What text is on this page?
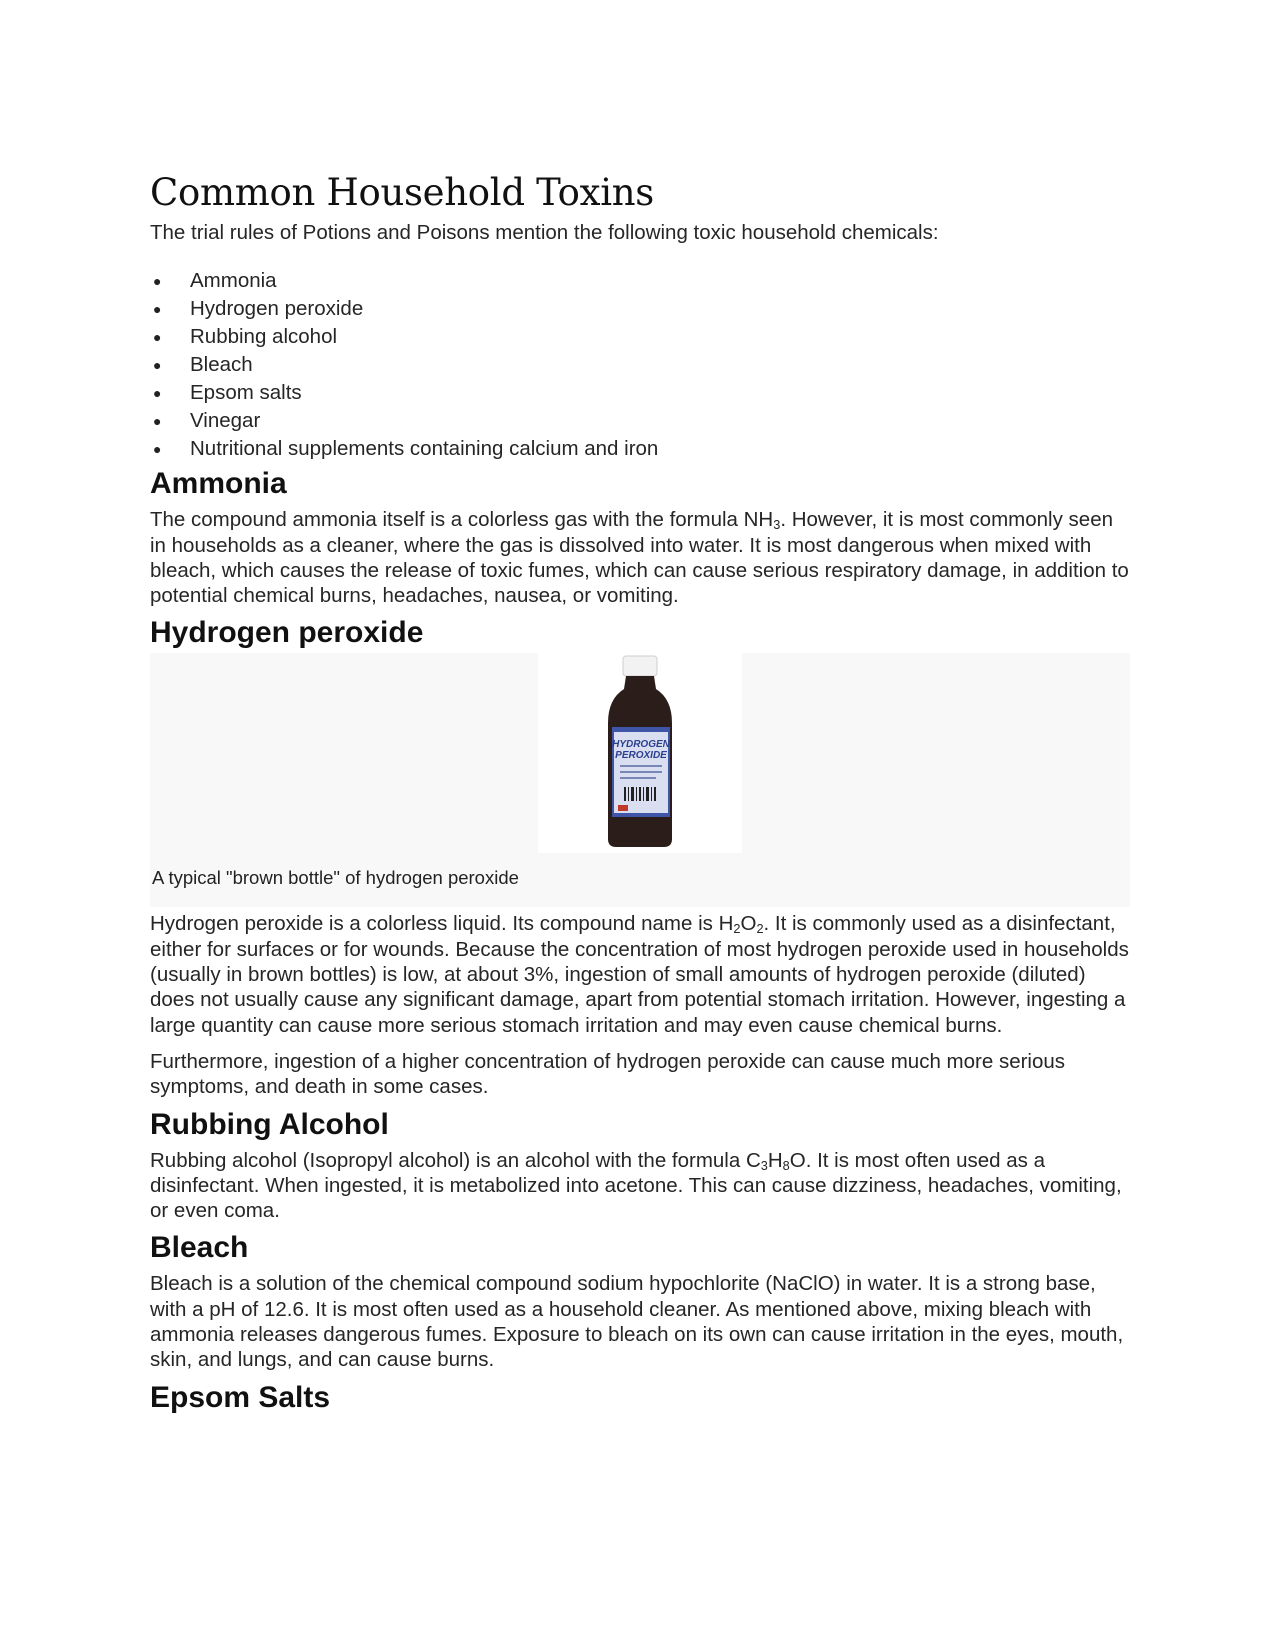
Common Household Toxins

The trial rules of Potions and Poisons mention the following toxic household chemicals:

● Ammonia
● Hydrogen peroxide
● Rubbing alcohol
● Bleach
● Epsom salts
● Vinegar
● Nutritional supplements containing calcium and iron
Ammonia

The compound ammonia itself is a colorless gas with the formula $NH_3$. However, it is most commonly seen in households as a cleaner, where the gas is dissolved into water. It is most dangerous when mixed with bleach, which causes the release of toxic fumes, which can cause serious respiratory damage, in addition to potential chemical burns, headaches, nausea, or vomiting.

Hydrogen peroxide
HYDROGEN
PEROXIDE
A typical "brown bottle" of hydrogen peroxide

Hydrogen peroxide is a colorless liquid. Its compound name is $H_2O_2$. It is commonly used as a disinfectant, either for surfaces or for wounds. Because the concentration of most hydrogen peroxide used in households (usually in brown bottles) is low, at about 3%, ingestion of small amounts of hydrogen peroxide (diluted) does not usually cause any significant damage, apart from potential stomach irritation. However, ingesting a large quantity can cause more serious stomach irritation and may even cause chemical burns.

Furthermore, ingestion of a higher concentration of hydrogen peroxide can cause much more serious symptoms, and death in some cases.

Rubbing Alcohol

Rubbing alcohol (Isopropyl alcohol) is an alcohol with the formula $C_3H_8O$. It is most often used as a disinfectant. When ingested, it is metabolized into acetone. This can cause dizziness, headaches, vomiting, or even coma.

Bleach

Bleach is a solution of the chemical compound sodium hypochlorite (NaClO) in water. It is a strong base, with a pH of 12.6. It is most often used as a household cleaner. As mentioned above, mixing bleach with ammonia releases dangerous fumes. Exposure to bleach on its own can cause irritation in the eyes, mouth, skin, and lungs, and can cause burns.

Epsom Salts
